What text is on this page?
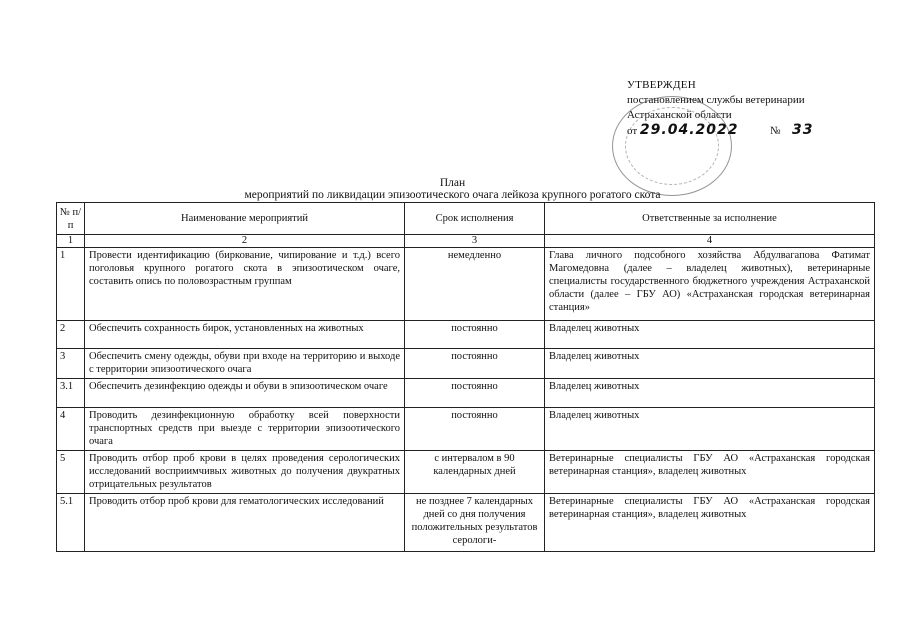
УТВЕРЖДЕН
постановлением службы ветеринарии
Астраханской области
от 29.04.2022	№ 33
План
мероприятий по ликвидации эпизоотического очага лейкоза крупного рогатого скота
№ п/п	Наименование мероприятий	Срок исполнения	Ответственные за исполнение
1	2	3	4
1	Провести идентификацию (биркование, чипирование и т.д.) всего поголовья крупного рогатого скота в эпизоотическом очаге, составить опись по половозрастным группам	немедленно	Глава личного подсобного хозяйства Абдулвагапова Фатимат Магомедовна (далее – владелец животных), ветеринарные специалисты государственного бюджетного учреждения Астраханской области (далее – ГБУ АО) «Астраханская городская ветеринарная станция»
2	Обеспечить сохранность бирок, установленных на животных	постоянно	Владелец животных
3	Обеспечить смену одежды, обуви при входе на территорию и выходе с территории эпизоотического очага	постоянно	Владелец животных
3.1	Обеспечить дезинфекцию одежды и обуви в эпизоотическом очаге	постоянно	Владелец животных
4	Проводить дезинфекционную обработку всей поверхности транспортных средств при выезде с территории эпизоотического очага	постоянно	Владелец животных
5	Проводить отбор проб крови в целях проведения серологических исследований восприимчивых животных до получения двукратных отрицательных результатов	с интервалом в 90 календарных дней	Ветеринарные специалисты ГБУ АО «Астраханская городская ветеринарная станция», владелец животных
5.1	Проводить отбор проб крови для гематологических исследований	не позднее 7 календарных дней со дня получения положительных результатов серологи-	Ветеринарные специалисты ГБУ АО «Астраханская городская ветеринарная станция», владелец животных
